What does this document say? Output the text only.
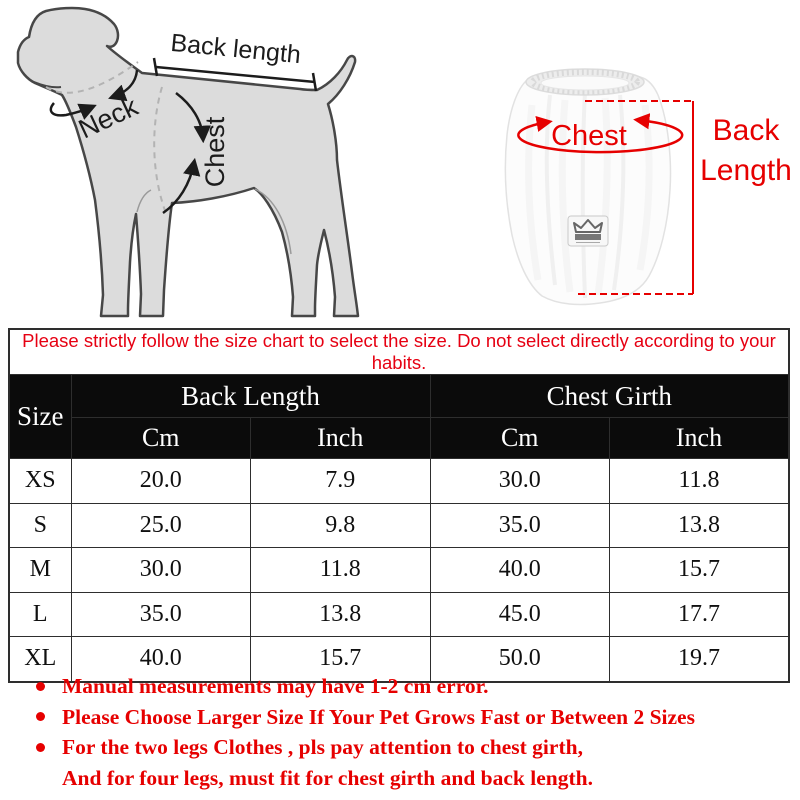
Back length
Neck Chest	Chest	Back
Length
Please strictly follow the size chart to select the size. Do not select directly according to your habits.				
Size	Back Length		Chest Girth	
	Cm	Inch	Cm	Inch
XS	20.0	7.9	30.0	11.8
S	25.0	9.8	35.0	13.8
M	30.0	11.8	40.0	15.7
L	35.0	13.8	45.0	17.7
XL	40.0	15.7	50.0	19.7
Manual measurements may have 1-2 cm error.
Please Choose Larger Size If Your Pet Grows Fast or Between 2 Sizes
For the two legs Clothes , pls pay attention to chest girth,
And for four legs, must fit for chest girth and back length.
